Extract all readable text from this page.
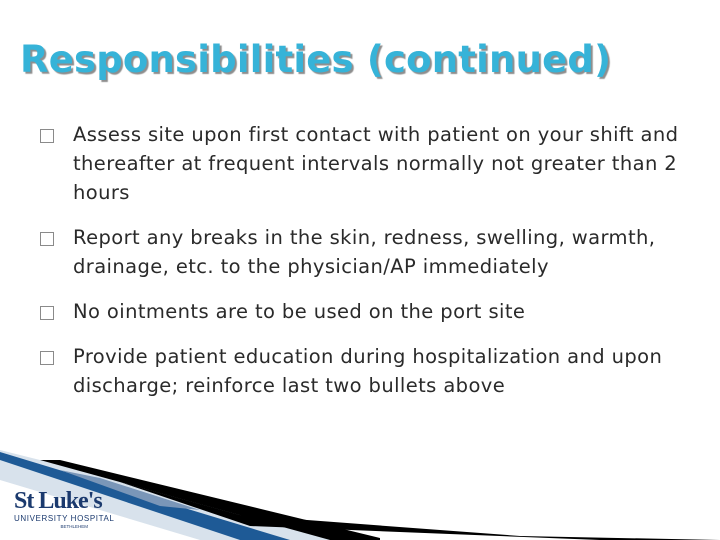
Responsibilities (continued)
Assess site upon first contact with patient on your shift and thereafter at frequent intervals normally not greater than 2 hours
Report any breaks in the skin, redness, swelling, warmth, drainage, etc. to the physician/AP immediately
No ointments are to be used on the port site
Provide patient education during hospitalization and upon discharge; reinforce last two bullets above
St Luke's
UNIVERSITY HOSPITAL
BETHLEHEM
